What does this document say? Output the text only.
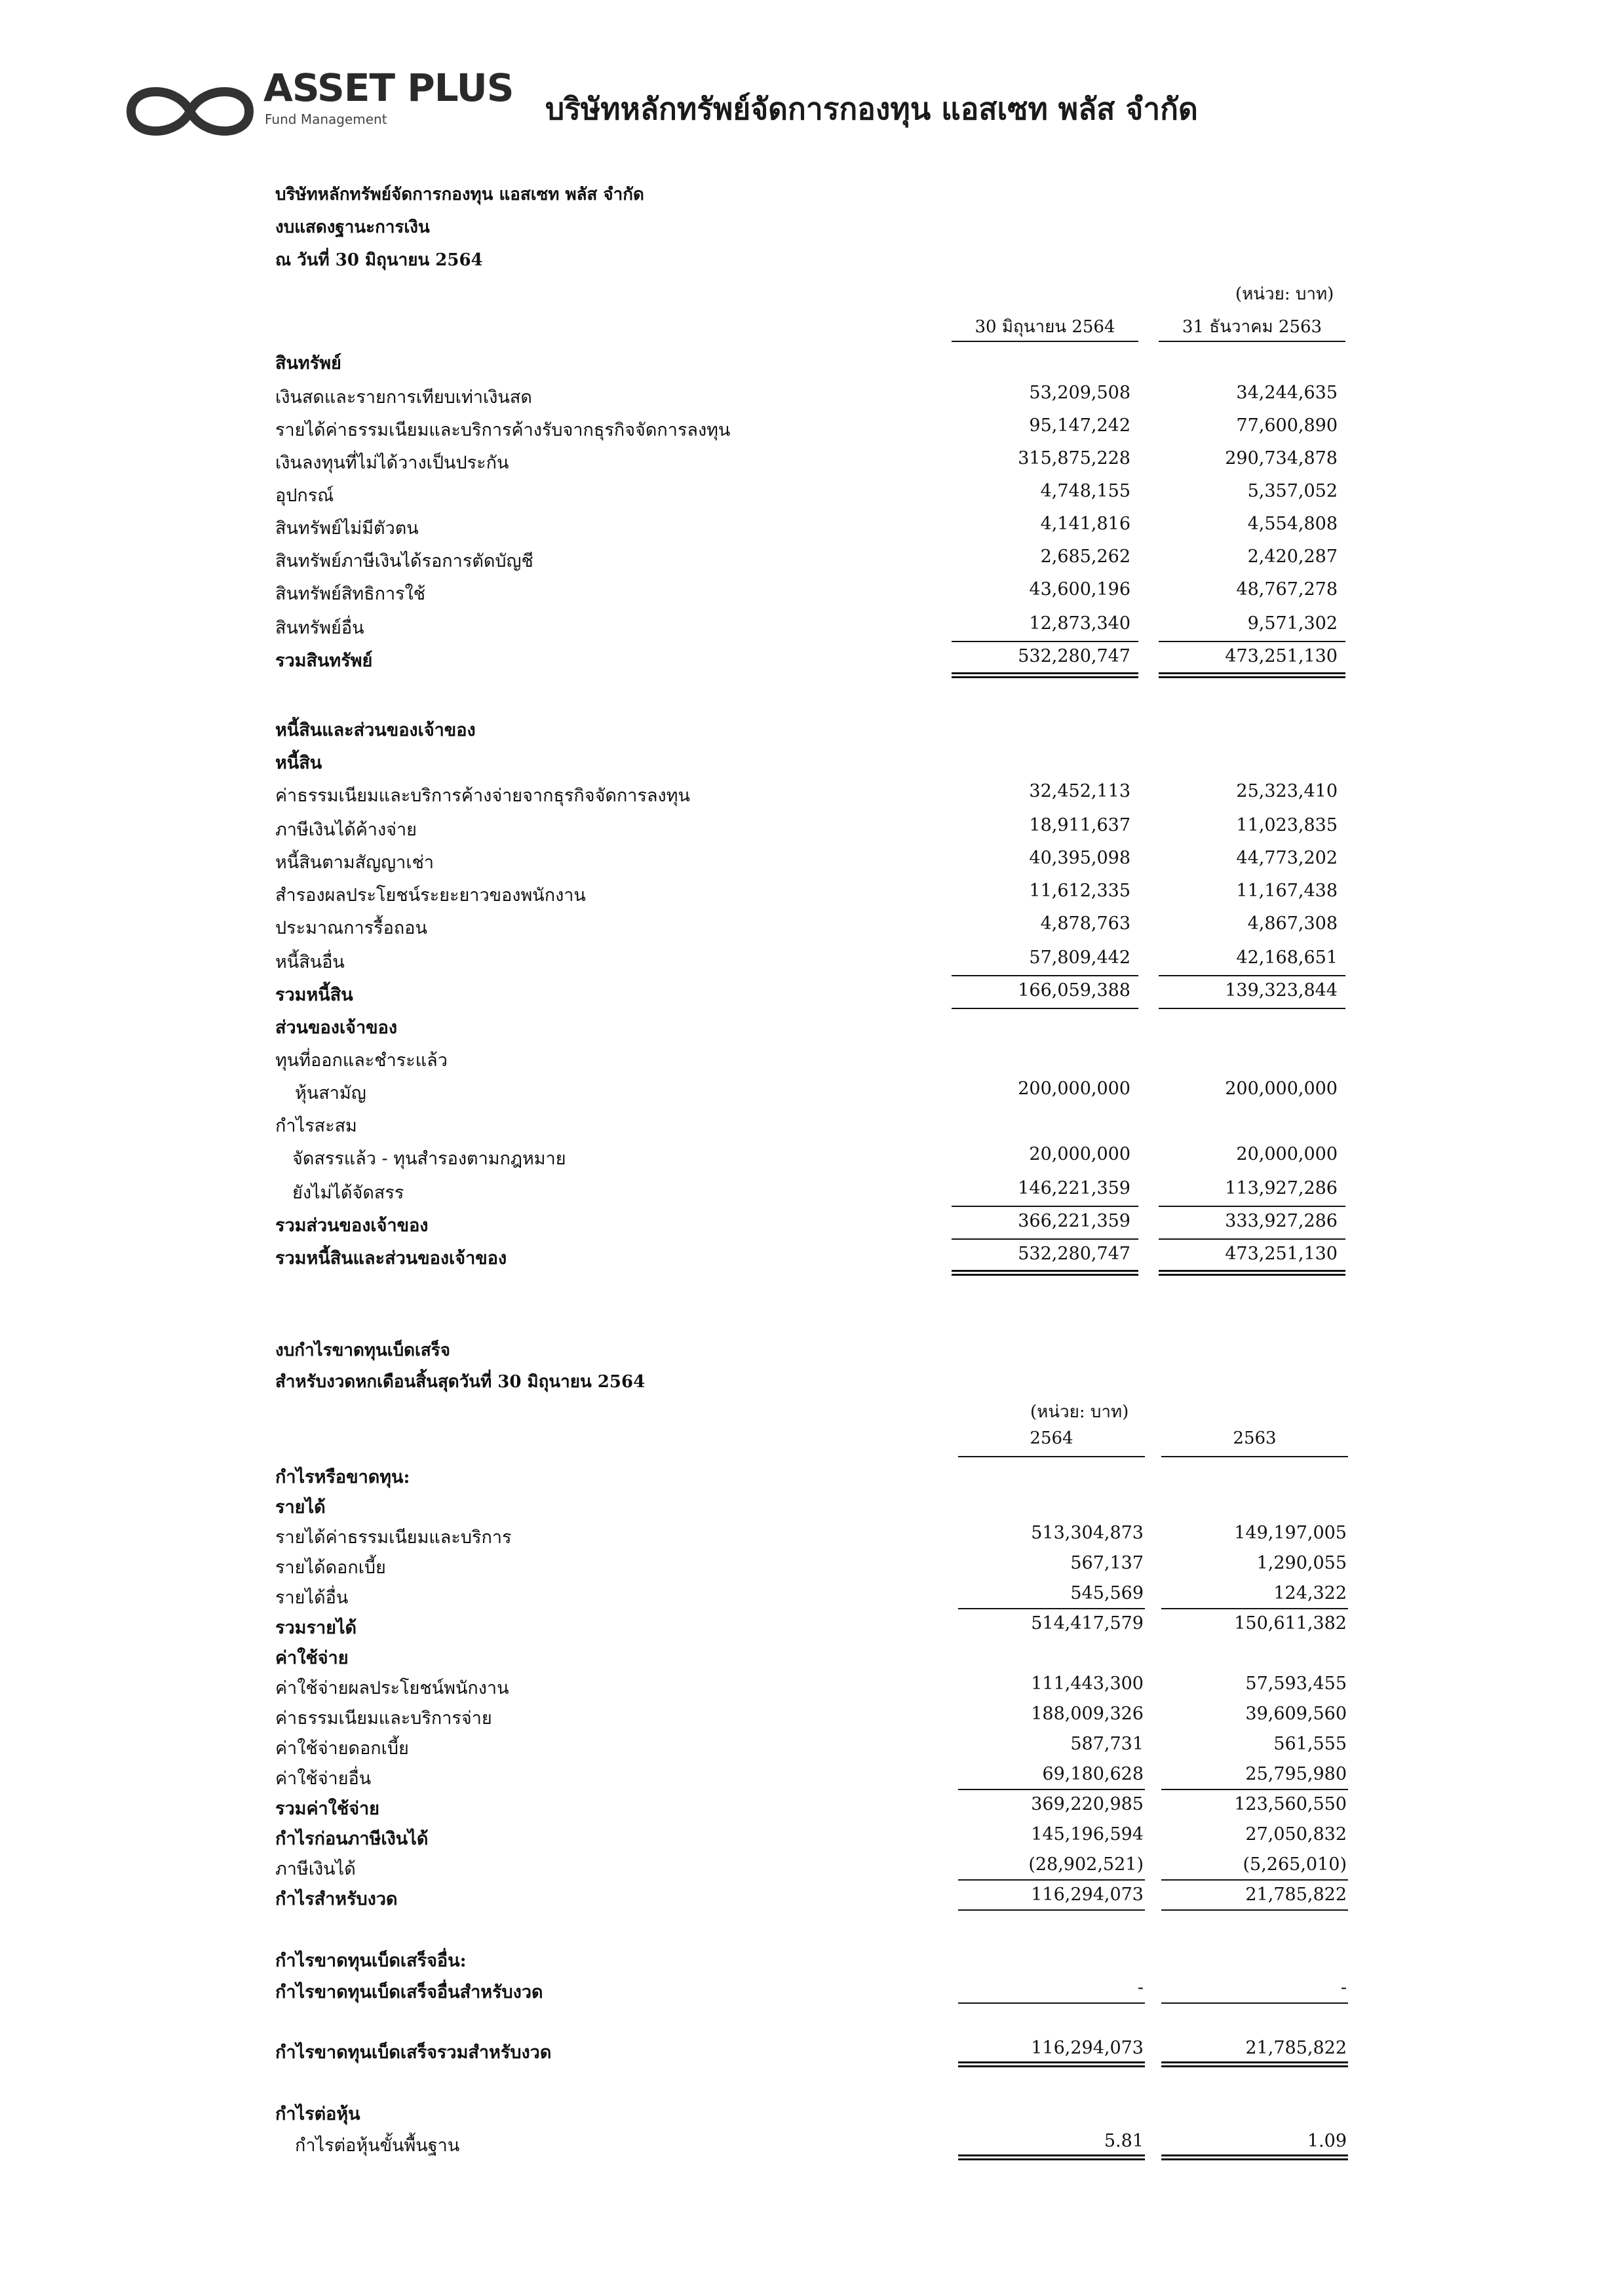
ASSET PLUS
Fund Management	บริษัทหลักทรัพย์จัดการกองทุน แอสเซท พลัส จำกัด
บริษัทหลักทรัพย์จัดการกองทุน แอสเซท พลัส จำกัด
งบแสดงฐานะการเงิน
ณ วันที่ 30 มิถุนายน 2564
(หน่วย: บาท)
30 มิถุนายน 2564	31 ธันวาคม 2563
สินทรัพย์
เงินสดและรายการเทียบเท่าเงินสด	53,209,508	34,244,635
รายได้ค่าธรรมเนียมและบริการค้างรับจากธุรกิจจัดการลงทุน	95,147,242	77,600,890
เงินลงทุนที่ไม่ได้วางเป็นประกัน	315,875,228	290,734,878
อุปกรณ์	4,748,155	5,357,052
สินทรัพย์ไม่มีตัวตน	4,141,816	4,554,808
สินทรัพย์ภาษีเงินได้รอการตัดบัญชี	2,685,262	2,420,287
สินทรัพย์สิทธิการใช้	43,600,196	48,767,278
สินทรัพย์อื่น	12,873,340	9,571,302
รวมสินทรัพย์	532,280,747	473,251,130
หนี้สินและส่วนของเจ้าของ
หนี้สิน
ค่าธรรมเนียมและบริการค้างจ่ายจากธุรกิจจัดการลงทุน	32,452,113	25,323,410
ภาษีเงินได้ค้างจ่าย	18,911,637	11,023,835
หนี้สินตามสัญญาเช่า	40,395,098	44,773,202
สำรองผลประโยชน์ระยะยาวของพนักงาน	11,612,335	11,167,438
ประมาณการรื้อถอน	4,878,763	4,867,308
หนี้สินอื่น	57,809,442	42,168,651
รวมหนี้สิน	166,059,388	139,323,844
ส่วนของเจ้าของ
ทุนที่ออกและชำระแล้ว
หุ้นสามัญ	200,000,000	200,000,000
กำไรสะสม
จัดสรรแล้ว - ทุนสำรองตามกฎหมาย	20,000,000	20,000,000
ยังไม่ได้จัดสรร	146,221,359	113,927,286
รวมส่วนของเจ้าของ	366,221,359	333,927,286
รวมหนี้สินและส่วนของเจ้าของ	532,280,747	473,251,130
งบกำไรขาดทุนเบ็ดเสร็จ
สำหรับงวดหกเดือนสิ้นสุดวันที่ 30 มิถุนายน 2564
(หน่วย: บาท)
2564	2563
กำไรหรือขาดทุน:
รายได้
รายได้ค่าธรรมเนียมและบริการ	513,304,873	149,197,005
รายได้ดอกเบี้ย	567,137	1,290,055
รายได้อื่น	545,569	124,322
รวมรายได้	514,417,579	150,611,382
ค่าใช้จ่าย
ค่าใช้จ่ายผลประโยชน์พนักงาน	111,443,300	57,593,455
ค่าธรรมเนียมและบริการจ่าย	188,009,326	39,609,560
ค่าใช้จ่ายดอกเบี้ย	587,731	561,555
ค่าใช้จ่ายอื่น	69,180,628	25,795,980
รวมค่าใช้จ่าย	369,220,985	123,560,550
กำไรก่อนภาษีเงินได้	145,196,594	27,050,832
ภาษีเงินได้	(28,902,521)	(5,265,010)
กำไรสำหรับงวด	116,294,073	21,785,822
กำไรขาดทุนเบ็ดเสร็จอื่น:
กำไรขาดทุนเบ็ดเสร็จอื่นสำหรับงวด	-	-
กำไรขาดทุนเบ็ดเสร็จรวมสำหรับงวด	116,294,073	21,785,822
กำไรต่อหุ้น
กำไรต่อหุ้นขั้นพื้นฐาน	5.81	1.09
